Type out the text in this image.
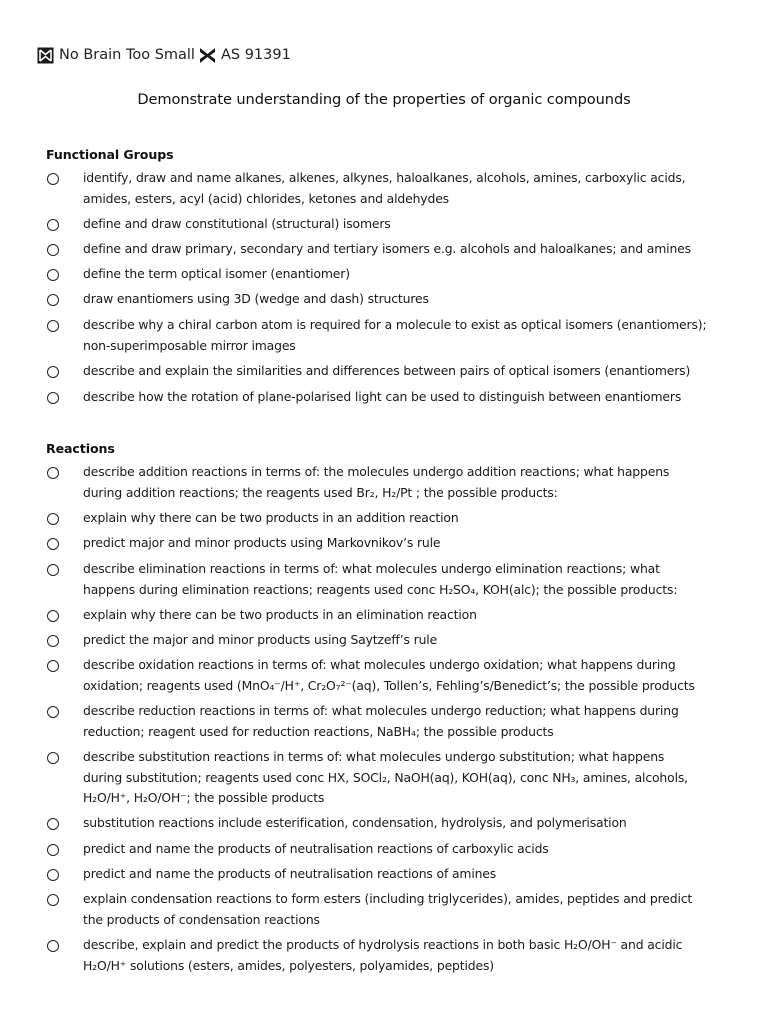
No Brain Too Small AS 91391
Demonstrate understanding of the properties of organic compounds
Functional Groups
identify, draw and name alkanes, alkenes, alkynes, haloalkanes, alcohols, amines, carboxylic acids,
amides, esters, acyl (acid) chlorides, ketones and aldehydes
define and draw constitutional (structural) isomers
define and draw primary, secondary and tertiary isomers e.g. alcohols and haloalkanes; and amines
define the term optical isomer (enantiomer)
draw enantiomers using 3D (wedge and dash) structures
describe why a chiral carbon atom is required for a molecule to exist as optical isomers (enantiomers);
non-superimposable mirror images
describe and explain the similarities and differences between pairs of optical isomers (enantiomers)
describe how the rotation of plane-polarised light can be used to distinguish between enantiomers
Reactions
describe addition reactions in terms of: the molecules undergo addition reactions; what happens
during addition reactions; the reagents used Br₂, H₂/Pt ; the possible products:
explain why there can be two products in an addition reaction
predict major and minor products using Markovnikov’s rule
describe elimination reactions in terms of: what molecules undergo elimination reactions; what
happens during elimination reactions; reagents used conc H₂SO₄, KOH(alc); the possible products:
explain why there can be two products in an elimination reaction
predict the major and minor products using Saytzeff’s rule
describe oxidation reactions in terms of: what molecules undergo oxidation; what happens during
oxidation; reagents used (MnO₄⁻/H⁺, Cr₂O₇²⁻(aq), Tollen’s, Fehling’s/Benedict’s; the possible products
describe reduction reactions in terms of: what molecules undergo reduction; what happens during
reduction; reagent used for reduction reactions, NaBH₄; the possible products
describe substitution reactions in terms of: what molecules undergo substitution; what happens
during substitution; reagents used conc HX, SOCl₂, NaOH(aq), KOH(aq), conc NH₃, amines, alcohols,
H₂O/H⁺, H₂O/OH⁻; the possible products
substitution reactions include esterification, condensation, hydrolysis, and polymerisation
predict and name the products of neutralisation reactions of carboxylic acids
predict and name the products of neutralisation reactions of amines
explain condensation reactions to form esters (including triglycerides), amides, peptides and predict
the products of condensation reactions
describe, explain and predict the products of hydrolysis reactions in both basic H₂O/OH⁻ and acidic
H₂O/H⁺ solutions (esters, amides, polyesters, polyamides, peptides)
